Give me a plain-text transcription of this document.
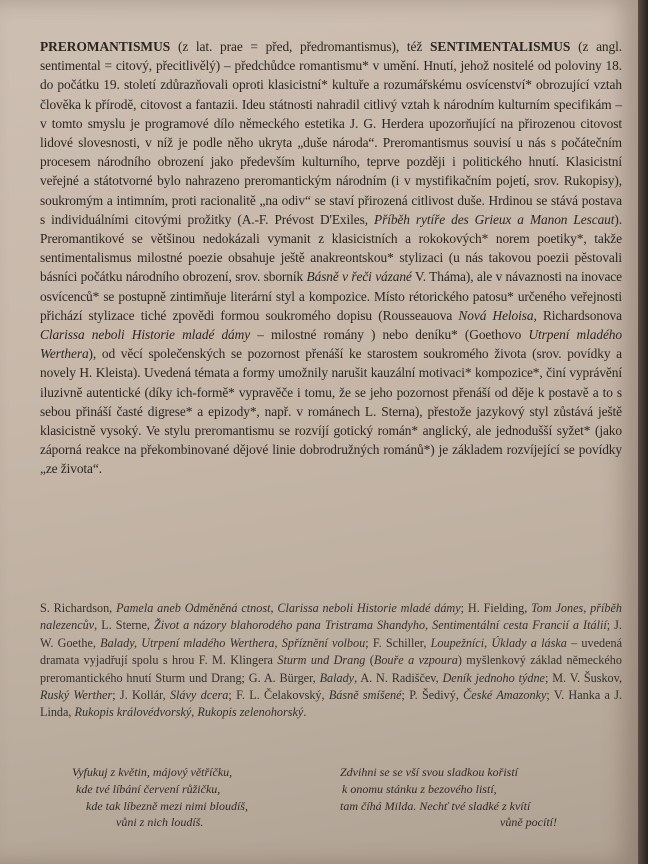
PREROMANTISMUS (z lat. prae = před, předromantismus), též SENTIMENTALISMUS (z angl. sentimental = citový, přecitlivělý) – předchůdce romantismu* v umění. Hnutí, jehož nositelé od poloviny 18. do počátku 19. století zdůrazňovali oproti klasicistní* kultuře a rozumářskému osvícenství* obrozující vztah člověka k přírodě, citovost a fantazii. Ideu státnosti nahradil citlivý vztah k národním kulturním specifikám – v tomto smyslu je programové dílo německého estetika J. G. Herdera upozorňující na přirozenou citovost lidové slovesnosti, v níž je podle něho ukryta „duše národa“. Preromantismus souvisí u nás s počátečním procesem národního obrození jako především kulturního, teprve později i politického hnutí. Klasicistní veřejné a státotvorné bylo nahrazeno preromantickým národním (i v mystifikačním pojetí, srov. Rukopisy), soukromým a intimním, proti racionalitě „na odiv“ se staví přirozená citlivost duše. Hrdinou se stává postava s individuálními citovými prožitky (A.-F. Prévost D'Exiles, Příběh rytíře des Grieux a Manon Lescaut). Preromantikové se většinou nedokázali vymanit z klasicistních a rokokových* norem poetiky*, takže sentimentalismus milostné poezie obsahuje ještě anakreontskou* stylizaci (u nás takovou poezii pěstovali básníci počátku národního obrození, srov. sborník Básně v řeči vázané V. Tháma), ale v návaznosti na inovace osvícenců* se postupně zintimňuje literární styl a kompozice. Místo rétorického patosu* určeného veřejnosti přichází stylizace tiché zpovědi formou soukromého dopisu (Rousseauova Nová Heloisa, Richardsonova Clarissa neboli Historie mladé dámy – milostné romány ) nebo deníku* (Goethovo Utrpení mladého Werthera), od věcí společenských se pozornost přenáší ke starostem soukromého života (srov. povídky a novely H. Kleista). Uvedená témata a formy umožnily narušit kauzální motivaci* kompozice*, činí vyprávění iluzivně autentické (díky ich-formě* vypravěče i tomu, že se jeho pozornost přenáší od děje k postavě a to s sebou přináší časté digrese* a epizody*, např. v románech L. Sterna), přestože jazykový styl zůstává ještě klasicistně vysoký. Ve stylu preromantismu se rozvíjí gotický román* anglický, ale jednodušší syžet* (jako záporná reakce na překombinované dějové linie dobrodružných románů*) je základem rozvíjející se povídky „ze života“.

S. Richardson, Pamela aneb Odměněná ctnost, Clarissa neboli Historie mladé dámy; H. Fielding, Tom Jones, příběh nalezencův, L. Sterne, Život a názory blahorodého pana Tristrama Shandyho, Sentimentální cesta Francií a Itálií; J. W. Goethe, Balady, Utrpení mladého Werthera, Spříznění volbou; F. Schiller, Loupežníci, Úklady a láska – uvedená dramata vyjadřují spolu s hrou F. M. Klingera Sturm und Drang (Bouře a vzpoura) myšlenkový základ německého preromantického hnutí Sturm und Drang; G. A. Bürger, Balady, A. N. Radiščev, Deník jednoho týdne; M. V. Šuskov, Ruský Werther; J. Kollár, Slávy dcera; F. L. Čelakovský, Básně smíšené; P. Šedivý, České Amazonky; V. Hanka a J. Linda, Rukopis královédvorský, Rukopis zelenohorský.

Vyfukuj z květin, májový větříčku,

kde tvé líbání červení růžičku,

kde tak líbezně mezi nimi bloudíš,

vůni z nich loudíš.

Zdvihni se se vší svou sladkou kořistí

k onomu stánku z bezového listí,

tam číhá Milda. Nechť tvé sladké z kvítí

vůně pocítí!
